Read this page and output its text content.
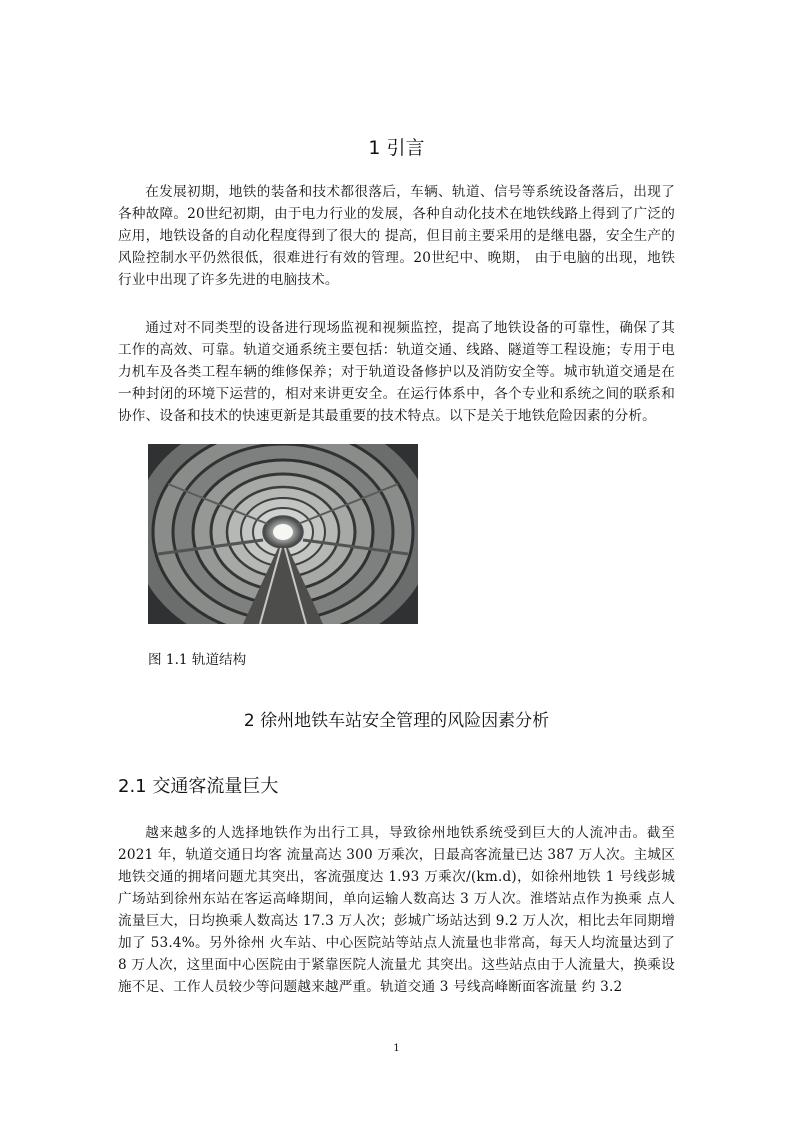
1 引言

在发展初期，地铁的装备和技术都很落后，车辆、轨道、信号等系统设备落后，出现了各种故障。20世纪初期，由于电力行业的发展，各种自动化技术在地铁线路上得到了广泛的应用，地铁设备的自动化程度得到了很大的 提高，但目前主要采用的是继电器，安全生产的风险控制水平仍然很低，很难进行有效的管理。20世纪中、晚期， 由于电脑的出现，地铁行业中出现了许多先进的电脑技术。

通过对不同类型的设备进行现场监视和视频监控，提高了地铁设备的可靠性，确保了其工作的高效、可靠。轨道交通系统主要包括：轨道交通、线路、隧道等工程设施；专用于电力机车及各类工程车辆的维修保养；对于轨道设备修护以及消防安全等。城市轨道交通是在一种封闭的环境下运营的，相对来讲更安全。在运行体系中，各个专业和系统之间的联系和 协作、设备和技术的快速更新是其最重要的技术特点。以下是关于地铁危险因素的分析。

图 1.1 轨道结构
2 徐州地铁车站安全管理的风险因素分析
2.1 交通客流量巨大

越来越多的人选择地铁作为出行工具，导致徐州地铁系统受到巨大的人流冲击。截至 2021 年，轨道交通日均客 流量高达 300 万乘次，日最高客流量已达 387 万人次。主城区地铁交通的拥堵问题尤其突出，客流强度达 1.93 万乘次/(km.d)，如徐州地铁 1 号线彭城广场站到徐州东站在客运高峰期间，单向运输人数高达 3 万人次。淮塔站点作为换乘 点人流量巨大，日均换乘人数高达 17.3 万人次；彭城广场站达到 9.2 万人次，相比去年同期增加了 53.4%。另外徐州 火车站、中心医院站等站点人流量也非常高，每天人均流量达到了 8 万人次，这里面中心医院由于紧靠医院人流量尤 其突出。这些站点由于人流量大，换乘设施不足、工作人员较少等问题越来越严重。轨道交通 3 号线高峰断面客流量 约 3.2

1
